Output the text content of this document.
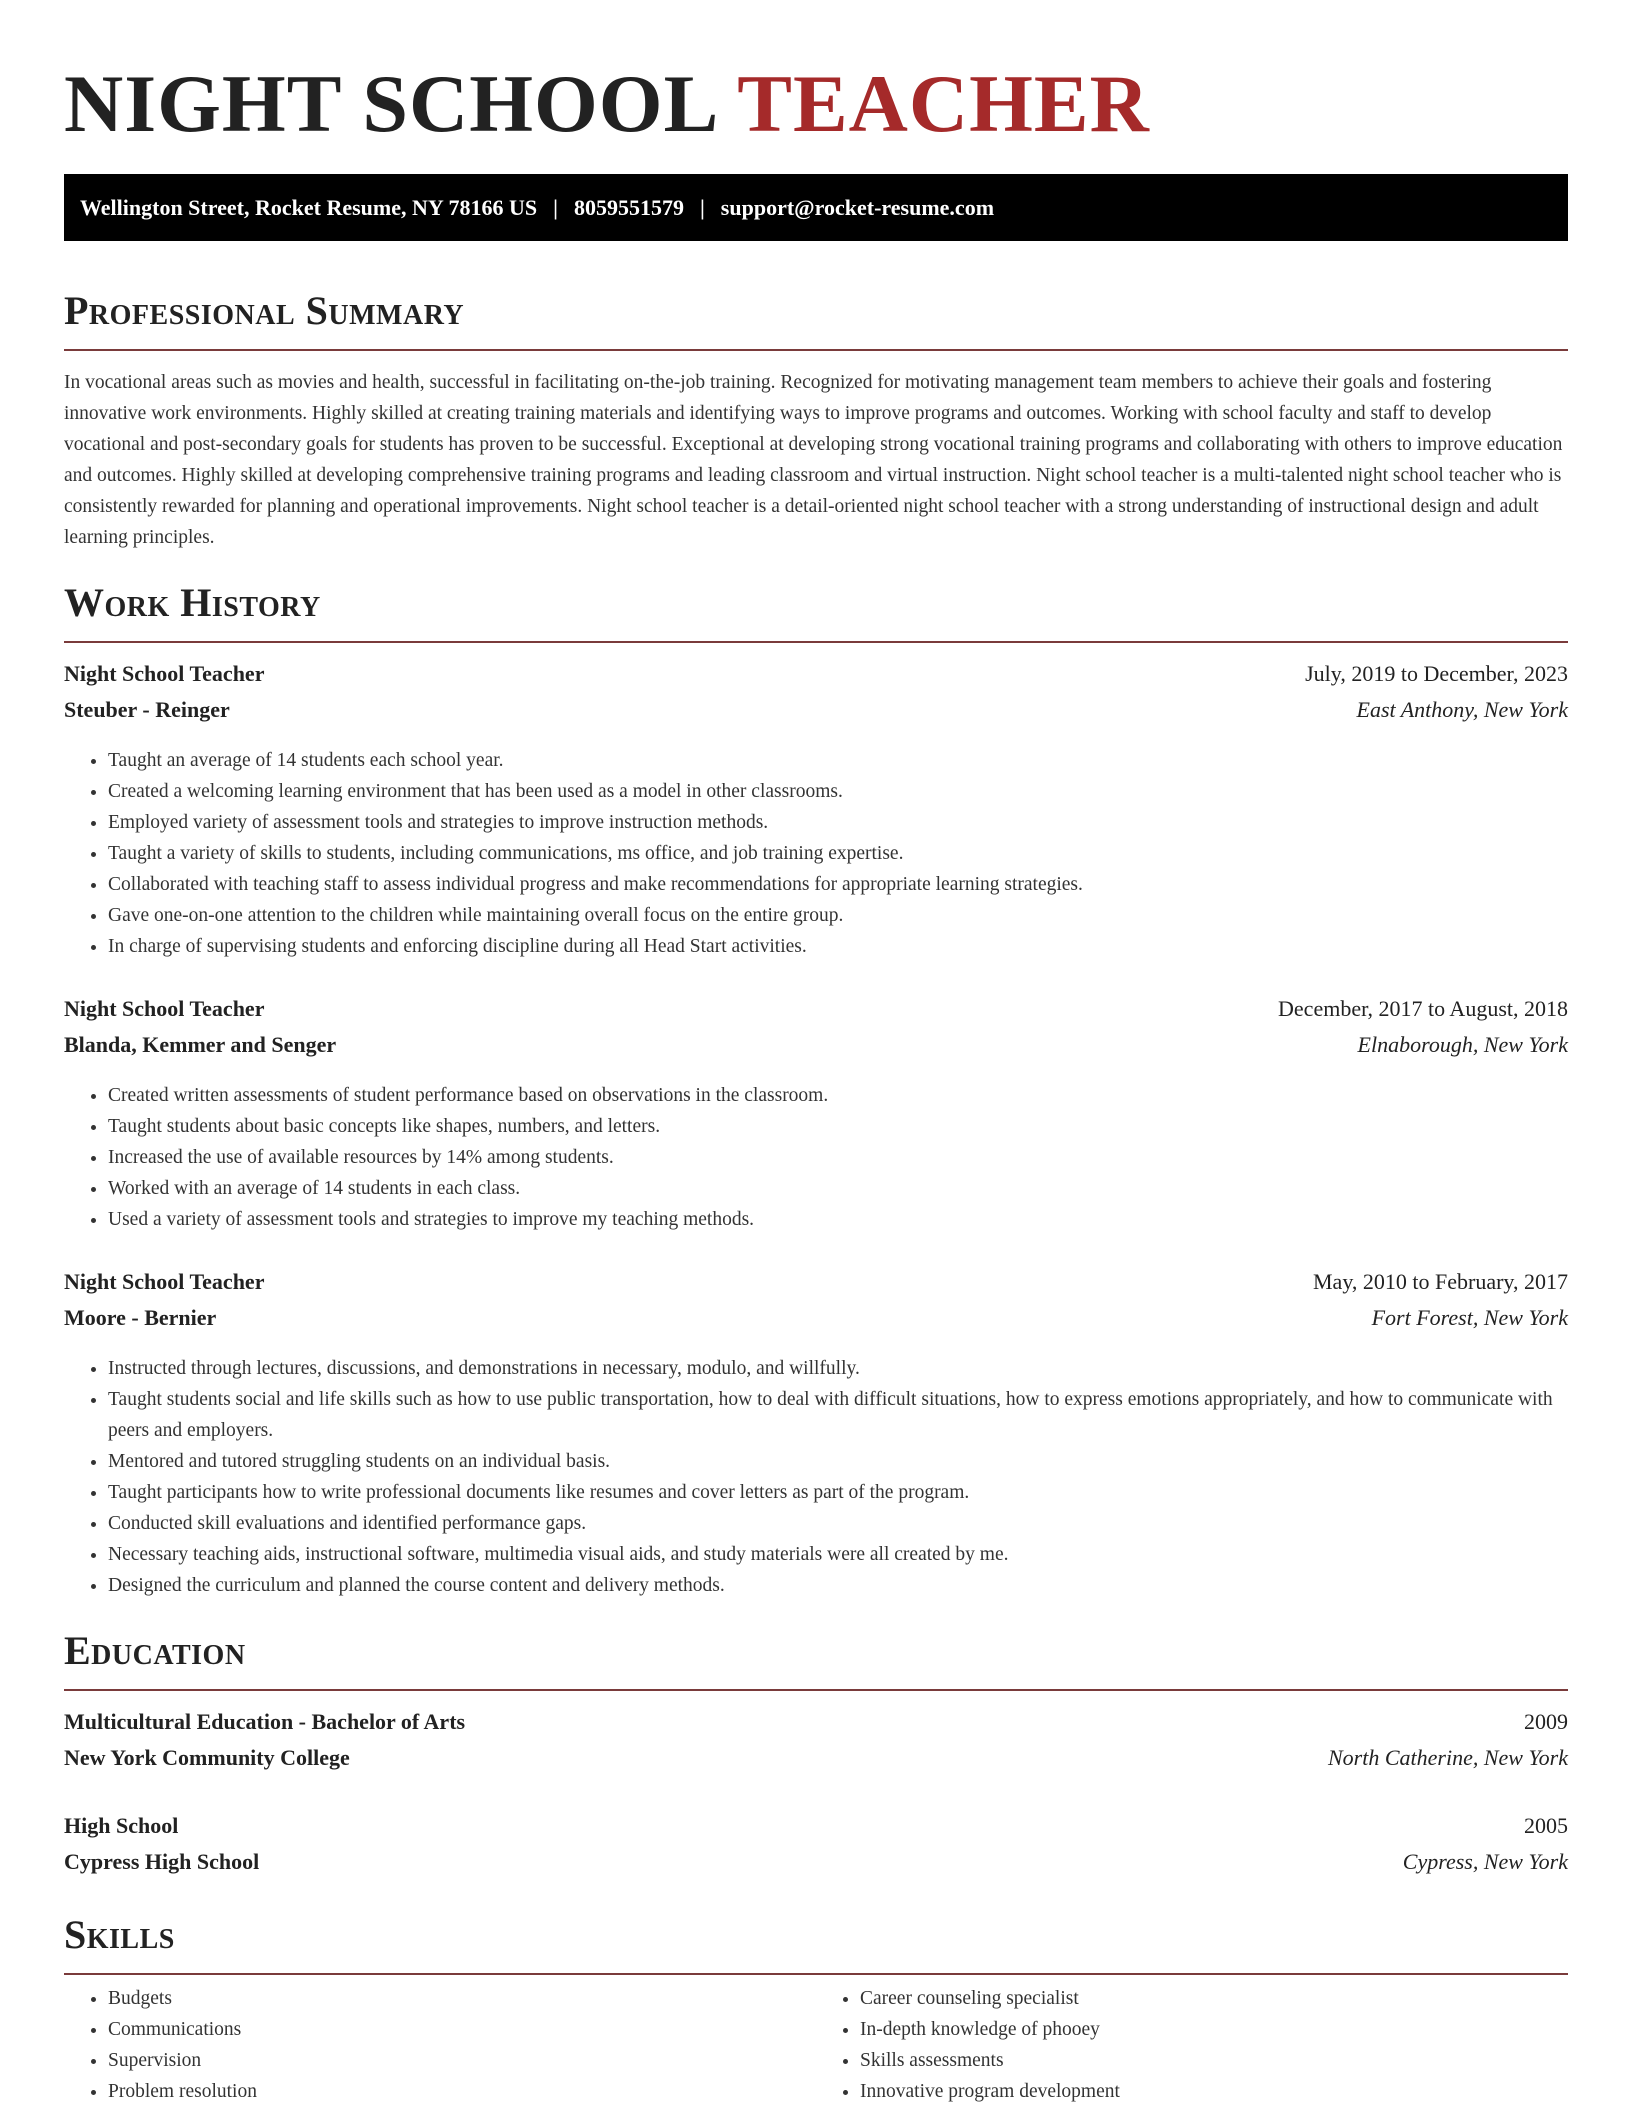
NIGHT SCHOOL TEACHER
Wellington Street, Rocket Resume, NY 78166 US | 8059551579 | support@rocket-resume.com
Professional Summary

In vocational areas such as movies and health, successful in facilitating on-the-job training. Recognized for motivating management team members to achieve their goals and fostering innovative work environments. Highly skilled at creating training materials and identifying ways to improve programs and outcomes. Working with school faculty and staff to develop vocational and post-secondary goals for students has proven to be successful. Exceptional at developing strong vocational training programs and collaborating with others to improve education and outcomes. Highly skilled at developing comprehensive training programs and leading classroom and virtual instruction. Night school teacher is a multi-talented night school teacher who is consistently rewarded for planning and operational improvements. Night school teacher is a detail-oriented night school teacher with a strong understanding of instructional design and adult learning principles.

Work History
Night School Teacher	July, 2019 to December, 2023
Steuber - Reinger	East Anthony, New York
• Taught an average of 14 students each school year.
• Created a welcoming learning environment that has been used as a model in other classrooms.
• Employed variety of assessment tools and strategies to improve instruction methods.
• Taught a variety of skills to students, including communications, ms office, and job training expertise.
• Collaborated with teaching staff to assess individual progress and make recommendations for appropriate learning strategies.
• Gave one-on-one attention to the children while maintaining overall focus on the entire group.
• In charge of supervising students and enforcing discipline during all Head Start activities.
Night School Teacher	December, 2017 to August, 2018
Blanda, Kemmer and Senger	Elnaborough, New York
• Created written assessments of student performance based on observations in the classroom.
• Taught students about basic concepts like shapes, numbers, and letters.
• Increased the use of available resources by 14% among students.
• Worked with an average of 14 students in each class.
• Used a variety of assessment tools and strategies to improve my teaching methods.
Night School Teacher	May, 2010 to February, 2017
Moore - Bernier	Fort Forest, New York
• Instructed through lectures, discussions, and demonstrations in necessary, modulo, and willfully.
• Taught students social and life skills such as how to use public transportation, how to deal with difficult situations, how to express emotions appropriately, and how to communicate with peers and employers.
• Mentored and tutored struggling students on an individual basis.
• Taught participants how to write professional documents like resumes and cover letters as part of the program.
• Conducted skill evaluations and identified performance gaps.
• Necessary teaching aids, instructional software, multimedia visual aids, and study materials were all created by me.
• Designed the curriculum and planned the course content and delivery methods.
Education
Multicultural Education - Bachelor of Arts	2009
New York Community College	North Catherine, New York
High School	2005
Cypress High School	Cypress, New York
Skills
• Budgets
• Communications
• Supervision
• Problem resolution
• Career counseling specialist
• In-depth knowledge of phooey
• Skills assessments
• Innovative program development
